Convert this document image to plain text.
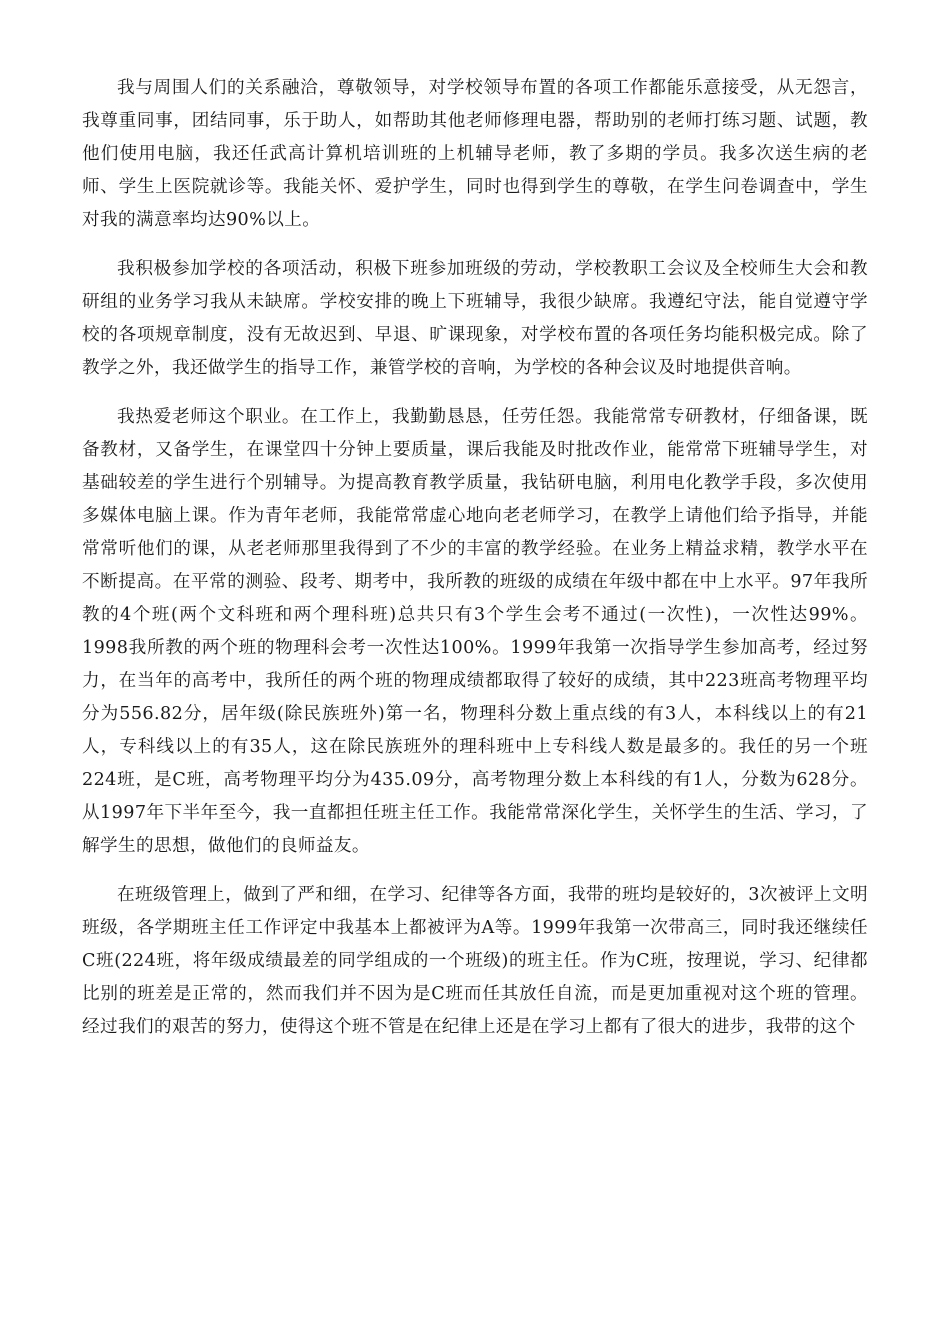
我与周围人们的关系融洽，尊敬领导，对学校领导布置的各项工作都能乐意接受，从无怨言，我尊重同事，团结同事，乐于助人，如帮助其他老师修理电器，帮助别的老师打练习题、试题，教他们使用电脑，我还任武高计算机培训班的上机辅导老师，教了多期的学员。我多次送生病的老师、学生上医院就诊等。我能关怀、爱护学生，同时也得到学生的尊敬，在学生问卷调查中，学生对我的满意率均达90%以上。

我积极参加学校的各项活动，积极下班参加班级的劳动，学校教职工会议及全校师生大会和教研组的业务学习我从未缺席。学校安排的晚上下班辅导，我很少缺席。我遵纪守法，能自觉遵守学校的各项规章制度，没有无故迟到、早退、旷课现象，对学校布置的各项任务均能积极完成。除了教学之外，我还做学生的指导工作，兼管学校的音响，为学校的各种会议及时地提供音响。

我热爱老师这个职业。在工作上，我勤勤恳恳，任劳任怨。我能常常专研教材，仔细备课，既备教材，又备学生，在课堂四十分钟上要质量，课后我能及时批改作业，能常常下班辅导学生，对基础较差的学生进行个别辅导。为提高教育教学质量，我钻研电脑，利用电化教学手段，多次使用多媒体电脑上课。作为青年老师，我能常常虚心地向老老师学习，在教学上请他们给予指导，并能常常听他们的课，从老老师那里我得到了不少的丰富的教学经验。在业务上精益求精，教学水平在不断提高。在平常的测验、段考、期考中，我所教的班级的成绩在年级中都在中上水平。97年我所教的4个班(两个文科班和两个理科班)总共只有3个学生会考不通过(一次性)，一次性达99%。1998我所教的两个班的物理科会考一次性达100%。1999年我第一次指导学生参加高考，经过努力，在当年的高考中，我所任的两个班的物理成绩都取得了较好的成绩，其中223班高考物理平均分为556.82分，居年级(除民族班外)第一名，物理科分数上重点线的有3人，本科线以上的有21人，专科线以上的有35人，这在除民族班外的理科班中上专科线人数是最多的。我任的另一个班224班，是C班，高考物理平均分为435.09分，高考物理分数上本科线的有1人，分数为628分。从1997年下半年至今，我一直都担任班主任工作。我能常常深化学生，关怀学生的生活、学习，了解学生的思想，做他们的良师益友。

在班级管理上，做到了严和细，在学习、纪律等各方面，我带的班均是较好的，3次被评上文明班级，各学期班主任工作评定中我基本上都被评为A等。1999年我第一次带高三，同时我还继续任C班(224班，将年级成绩最差的同学组成的一个班级)的班主任。作为C班，按理说，学习、纪律都比别的班差是正常的，然而我们并不因为是C班而任其放任自流，而是更加重视对这个班的管理。经过我们的艰苦的努力，使得这个班不管是在纪律上还是在学习上都有了很大的进步，我带的这个
